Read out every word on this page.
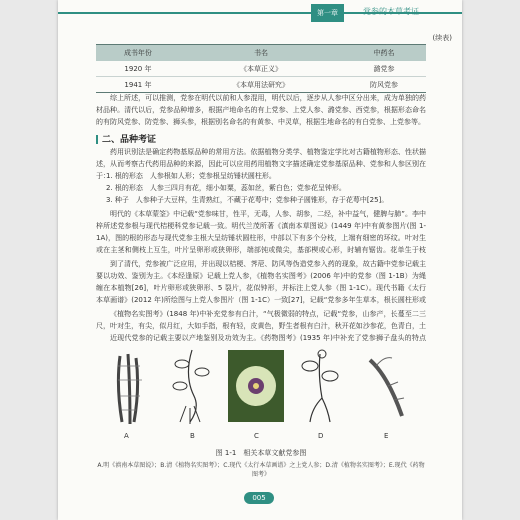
第一章	党参的本草考证
(续表)
成书年份	书名	中药名
1920 年	《本草正义》	潞党参
1941 年	《本草用法研究》	防风党参

综上所述，可以推测，党参在明代以前和人参混用，明代以后，逐步从人参中区分出来，成为单独的药材品种。清代以后，党参品种增多，根据产地命名的有上党参、上党人参、潞党参、西党参，根据形态命名的有防风党参、防党参、狮头参，根据别名命名的有黄参、中灵草，根据生地命名的有白党参、上党参等。

二、品种考证

药用识别法是确定药物基原品种的常用方法。依据植物分类学、植物鉴定学比对古籍植物形态、性状描述，从而考察古代药用品种的来源，因此可以应用药用植物文字描述确定党参基原品种、党参和人参区别在于：

1. 根的形态　人参根如人形；党参根呈纺锤状圆柱形。
2. 根的形态　人参三四月有花，细小如粟，蕊如丝，紫白色；党参花呈钟形。
3. 种子　人参种子大豆样，生青熟红，不藏于花萼中；党参种子圆锥形，存于花萼中[25]。

明代的《本草蒙筌》中记载“党参味甘，性平，无毒，人参、胡参，二经，补中益气，健脾与肺”。李中梓所述党参根与现代桔梗科党参记载一致。明代兰茂所著《滇南本草图说》(1449 年)中有黄参图片(图 1-1A)，图的根的形态与现代党参主根大呈纺锤状圆柱形，中部以下有多个分枝，上端有细密的环纹。叶对生或在主茎和侧枝上互生，叶片呈卵形或狭卵形，端部钝或微尖，基部楔或心形，时辅有锯齿。花单生于枝

到了清代，党参被广泛应用，并出现以桔梗、荠苨、防风等伪造党参入药的现象，故古籍中党参记载主要以功效、鉴别为主。《本经逢原》记载上党人参，《植物名实图考》(2006 年)中的党参（图 1-1B）为绳缠在本植物[26]，叶片卵形或狭卵形、5 裂片，花似钟形，并标注上党人参（图 1-1C）。现代书籍《太行本草画谱》(2012 年)所绘图与上党人参图片（图 1-1C）一致[27]，记载“党参多年生草本，根长圆柱形或

《植物名实图考》(1848 年)中补充党参有白汁，“气极微弱的特点，记载“党参，山参产，长蔓至二三尺，叶对生，有尖，似月红，大如手指，根有轻，皮黄色，野生者根有白汁，秋开花如沙参花，色青白，土

近现代党参的记载主要以产地鉴别及功效为主。《药物图考》(1935 年)中补充了党参狮子盘头的特点

A	B	C	D	E
图 1-1　相关本草文献党参图
A.明《滇南本草图说》；B.清《植物名实图考》；C.现代《太行本草画谱》之上党人参；D.清《植物名实图考》；E.现代《药物图考》
005
